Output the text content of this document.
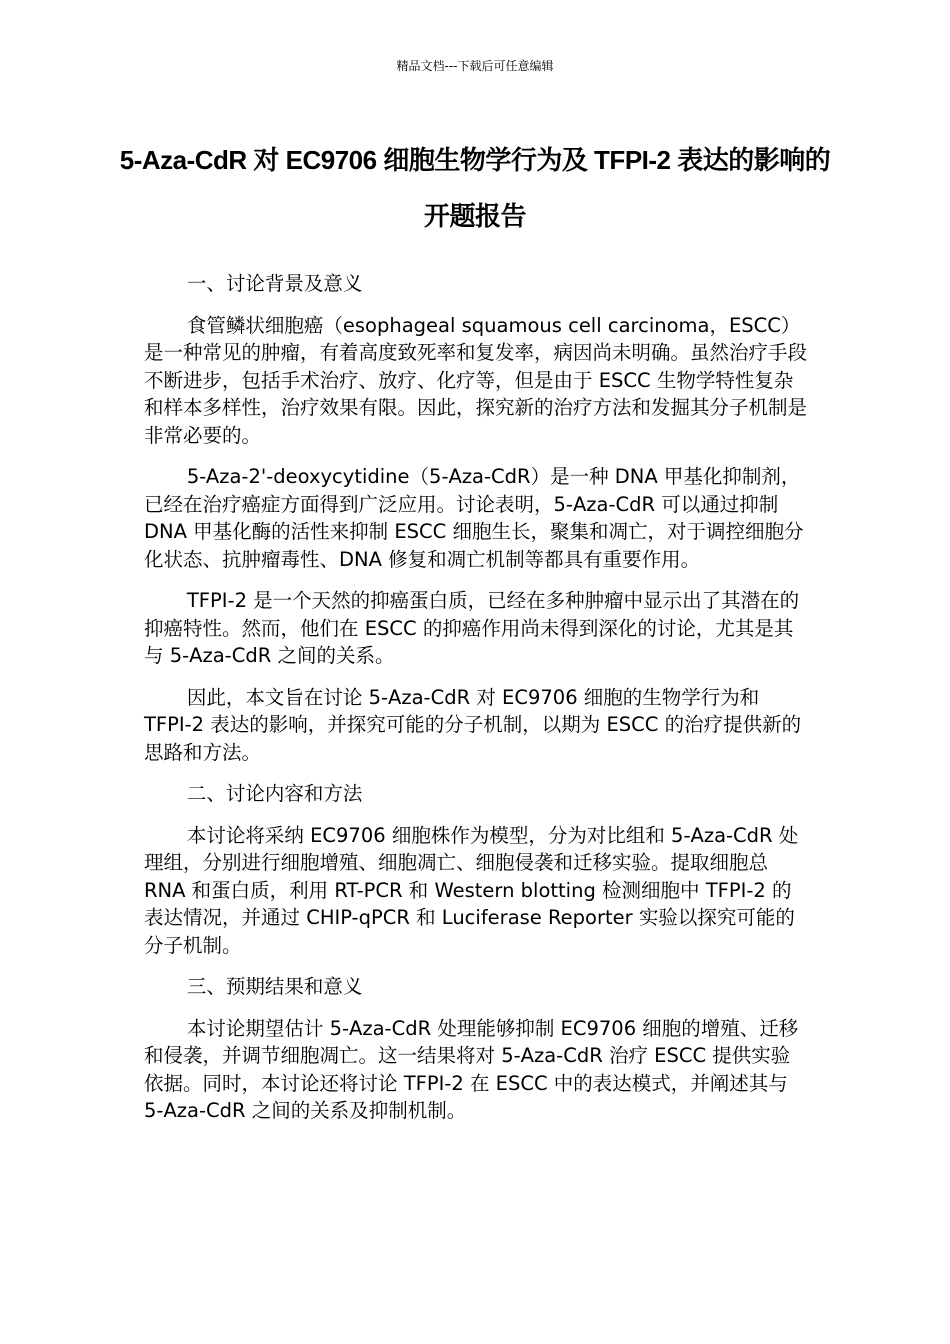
精品文档---下载后可任意编辑
5-Aza-CdR 对 EC9706 细胞生物学行为及 TFPI-2 表达的影响的开题报告

一、讨论背景及意义

食管鳞状细胞癌（esophageal squamous cell carcinoma，ESCC）是一种常见的肿瘤，有着高度致死率和复发率，病因尚未明确。虽然治疗手段不断进步，包括手术治疗、放疗、化疗等，但是由于 ESCC 生物学特性复杂和样本多样性，治疗效果有限。因此，探究新的治疗方法和发掘其分子机制是非常必要的。

5-Aza-2'-deoxycytidine（5-Aza-CdR）是一种 DNA 甲基化抑制剂，已经在治疗癌症方面得到广泛应用。讨论表明，5-Aza-CdR 可以通过抑制 DNA 甲基化酶的活性来抑制 ESCC 细胞生长，聚集和凋亡，对于调控细胞分化状态、抗肿瘤毒性、DNA 修复和凋亡机制等都具有重要作用。

TFPI-2 是一个天然的抑癌蛋白质，已经在多种肿瘤中显示出了其潜在的抑癌特性。然而，他们在 ESCC 的抑癌作用尚未得到深化的讨论，尤其是其与 5-Aza-CdR 之间的关系。

因此，本文旨在讨论 5-Aza-CdR 对 EC9706 细胞的生物学行为和 TFPI-2 表达的影响，并探究可能的分子机制，以期为 ESCC 的治疗提供新的思路和方法。

二、讨论内容和方法

本讨论将采纳 EC9706 细胞株作为模型，分为对比组和 5-Aza-CdR 处理组，分别进行细胞增殖、细胞凋亡、细胞侵袭和迁移实验。提取细胞总 RNA 和蛋白质，利用 RT-PCR 和 Western blotting 检测细胞中 TFPI-2 的表达情况，并通过 CHIP-qPCR 和 Luciferase Reporter 实验以探究可能的分子机制。

三、预期结果和意义

本讨论期望估计 5-Aza-CdR 处理能够抑制 EC9706 细胞的增殖、迁移和侵袭，并调节细胞凋亡。这一结果将对 5-Aza-CdR 治疗 ESCC 提供实验依据。同时，本讨论还将讨论 TFPI-2 在 ESCC 中的表达模式，并阐述其与 5-Aza-CdR 之间的关系及抑制机制。
